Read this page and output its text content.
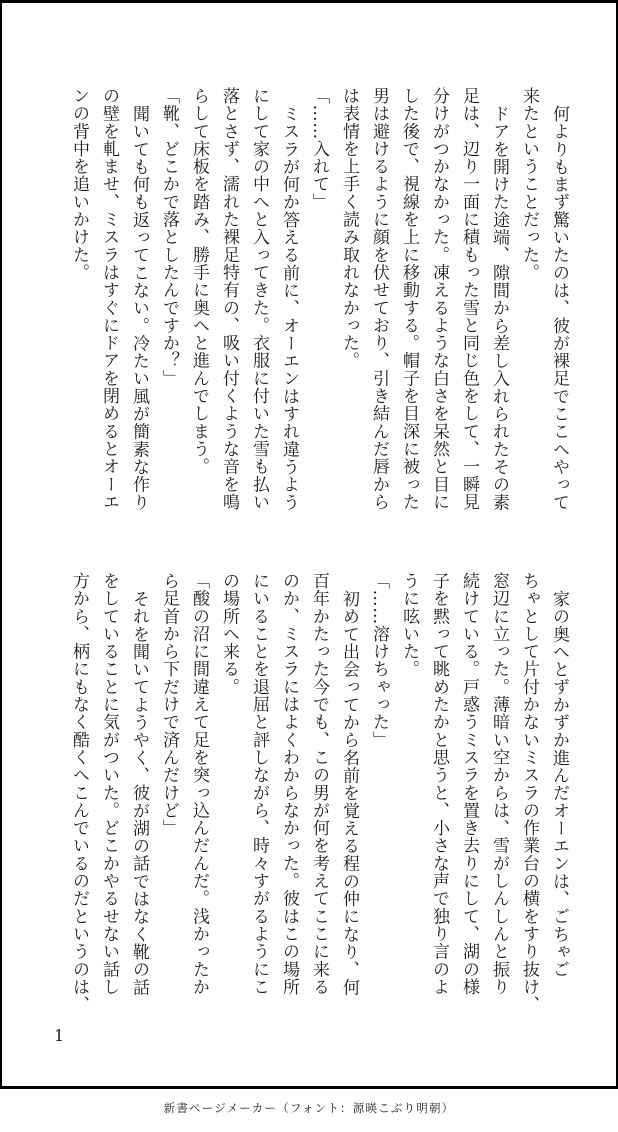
何よりもまず驚いたのは、彼が裸足でここへやって
来たということだった。
ドアを開けた途端、隙間から差し入れられたその素
足は、辺り一面に積もった雪と同じ色をして、一瞬見
分けがつかなかった。凍えるような白さを呆然と目に
した後で、視線を上に移動する。帽子を目深に被った
男は避けるように顔を伏せており、引き結んだ唇から
は表情を上手く読み取れなかった。
「……入れて」
ミスラが何か答える前に、オーエンはすれ違うよう
にして家の中へと入ってきた。衣服に付いた雪も払い
落とさず、濡れた裸足特有の、吸い付くような音を鳴
らして床板を踏み、勝手に奥へと進んでしまう。
「靴、どこかで落としたんですか？」
聞いても何も返ってこない。冷たい風が簡素な作り
の壁を軋ませ、ミスラはすぐにドアを閉めるとオーエ
ンの背中を追いかけた。
家の奥へとずかずか進んだオーエンは、ごちゃご
ちゃとして片付かないミスラの作業台の横をすり抜け、
窓辺に立った。薄暗い空からは、雪がしんしんと振り
続けている。戸惑うミスラを置き去りにして、湖の様
子を黙って眺めたかと思うと、小さな声で独り言のよ
うに呟いた。
「……溶けちゃった」
初めて出会ってから名前を覚える程の仲になり、何
百年かたった今でも、この男が何を考えてここに来る
のか、ミスラにはよくわからなかった。彼はこの場所
にいることを退屈と評しながら、時々すがるようにこ
の場所へ来る。
「酸の沼に間違えて足を突っ込んだんだ。浅かったか
ら足首から下だけで済んだけど」
それを聞いてようやく、彼が湖の話ではなく靴の話
をしていることに気がついた。どこかやるせない話し
方から、柄にもなく酷くへこんでいるのだというのは、
1
新書ページメーカー（フォント：源暎こぶり明朝）
